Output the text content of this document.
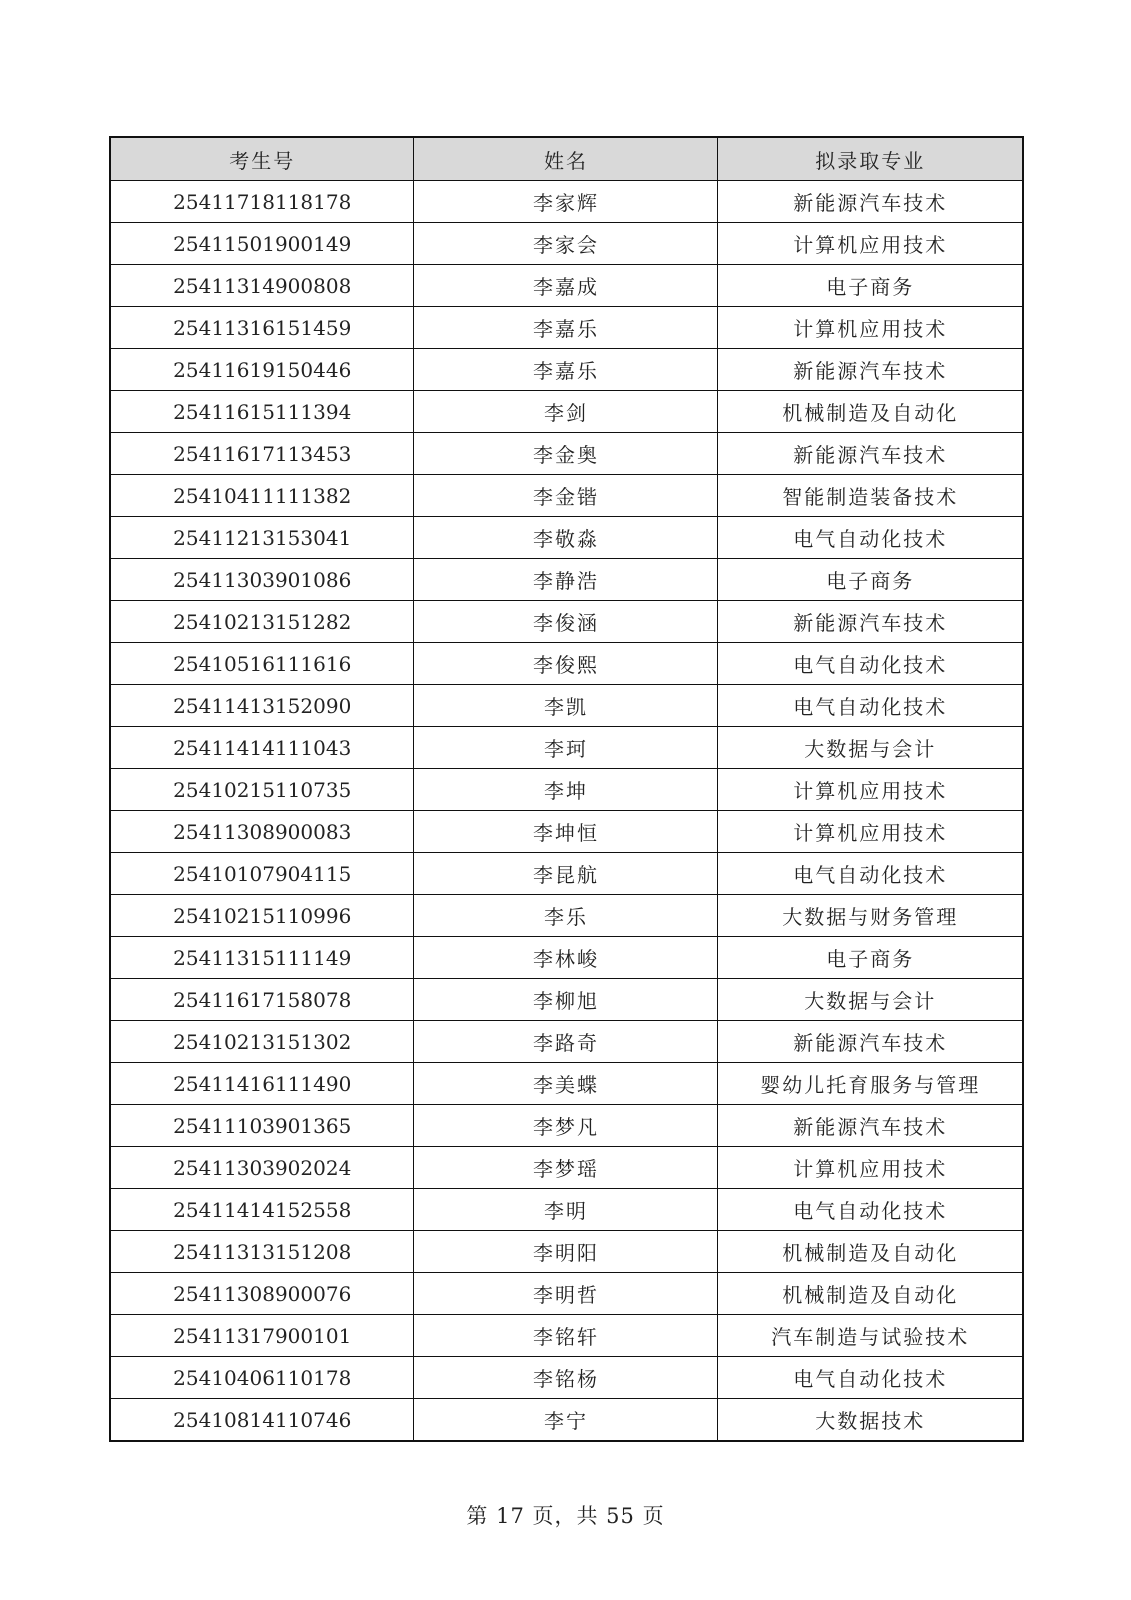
考生号	姓名	拟录取专业
25411718118178	李家辉	新能源汽车技术
25411501900149	李家会	计算机应用技术
25411314900808	李嘉成	电子商务
25411316151459	李嘉乐	计算机应用技术
25411619150446	李嘉乐	新能源汽车技术
25411615111394	李剑	机械制造及自动化
25411617113453	李金奥	新能源汽车技术
25410411111382	李金锴	智能制造装备技术
25411213153041	李敬淼	电气自动化技术
25411303901086	李静浩	电子商务
25410213151282	李俊涵	新能源汽车技术
25410516111616	李俊熙	电气自动化技术
25411413152090	李凯	电气自动化技术
25411414111043	李珂	大数据与会计
25410215110735	李坤	计算机应用技术
25411308900083	李坤恒	计算机应用技术
25410107904115	李昆航	电气自动化技术
25410215110996	李乐	大数据与财务管理
25411315111149	李林峻	电子商务
25411617158078	李柳旭	大数据与会计
25410213151302	李路奇	新能源汽车技术
25411416111490	李美蝶	婴幼儿托育服务与管理
25411103901365	李梦凡	新能源汽车技术
25411303902024	李梦瑶	计算机应用技术
25411414152558	李明	电气自动化技术
25411313151208	李明阳	机械制造及自动化
25411308900076	李明哲	机械制造及自动化
25411317900101	李铭轩	汽车制造与试验技术
25410406110178	李铭杨	电气自动化技术
25410814110746	李宁	大数据技术
第 17 页，共 55 页
